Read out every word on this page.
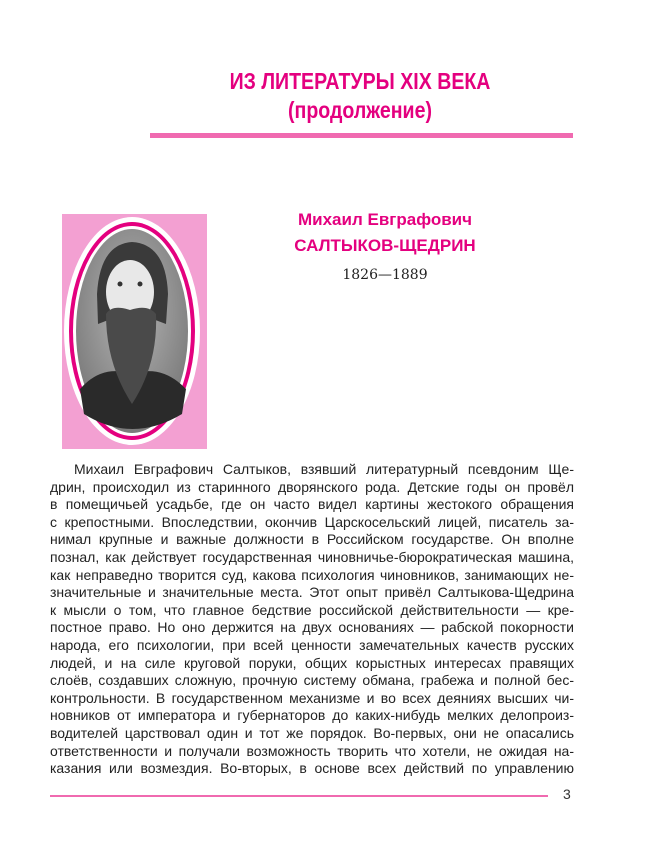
ИЗ ЛИТЕРАТУРЫ XIX ВЕКА
(продолжение)
Михаил Евграфович
САЛТЫКОВ-ЩЕДРИН
1826—1889
Михаил Евграфович Салтыков, взявший литературный псевдоним Ще-
дрин, происходил из старинного дворянского рода. Детские годы он провёл
в помещичьей усадьбе, где он часто видел картины жестокого обращения
с крепостными. Впоследствии, окончив Царскосельский лицей, писатель за-
нимал крупные и важные должности в Российском государстве. Он вполне
познал, как действует государственная чиновничье-бюрократическая машина,
как неправедно творится суд, какова психология чиновников, занимающих не-
значительные и значительные места. Этот опыт привёл Салтыкова-Щедрина
к мысли о том, что главное бедствие российской действительности — кре-
постное право. Но оно держится на двух основаниях — рабской покорности
народа, его психологии, при всей ценности замечательных качеств русских
людей, и на силе круговой поруки, общих корыстных интересах правящих
слоёв, создавших сложную, прочную систему обмана, грабежа и полной бес-
контрольности. В государственном механизме и во всех деяниях высших чи-
новников от императора и губернаторов до каких-нибудь мелких делопроиз-
водителей царствовал один и тот же порядок. Во-первых, они не опасались
ответственности и получали возможность творить что хотели, не ожидая на-
казания или возмездия. Во-вторых, в основе всех действий по управлению
3
